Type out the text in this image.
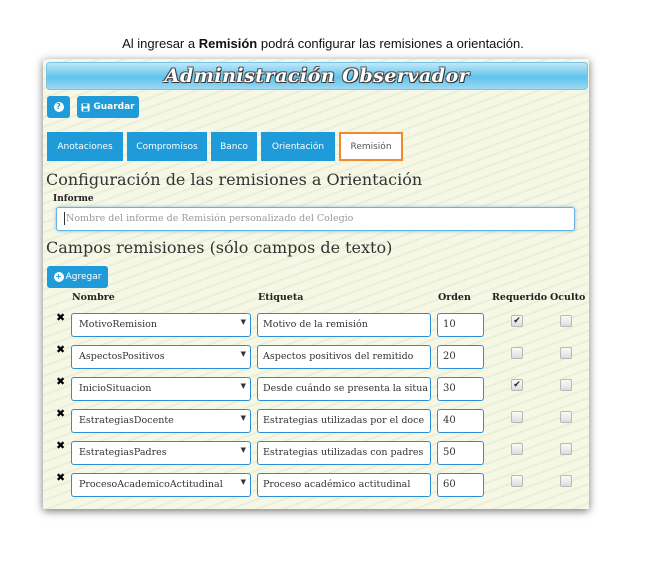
Al ingresar a Remisión podrá configurar las remisiones a orientación.
Administración Observador
?	Guardar
Anotaciones	Compromisos	Banco	Orientación	Remisión
Configuración de las remisiones a Orientación
Informe
Nombre del informe de Remisión personalizado del Colegio
Campos remisiones (sólo campos de texto)
+ Agregar
Nombre	Etiqueta	Orden Requerido Oculto
✖
MotivoRemision	▼	Motivo de la remisión	10	✔
✖
AspectosPositivos	▼	Aspectos positivos del remitido	20
✖
InicioSituacion	▼	Desde cuándo se presenta la situa	30	✔
✖
EstrategiasDocente	▼	Estrategias utilizadas por el doce	40
✖
EstrategiasPadres	▼	Estrategias utilizadas con padres	50
✖
ProcesoAcademicoActitudinal	▼	Proceso académico actitudinal	60
